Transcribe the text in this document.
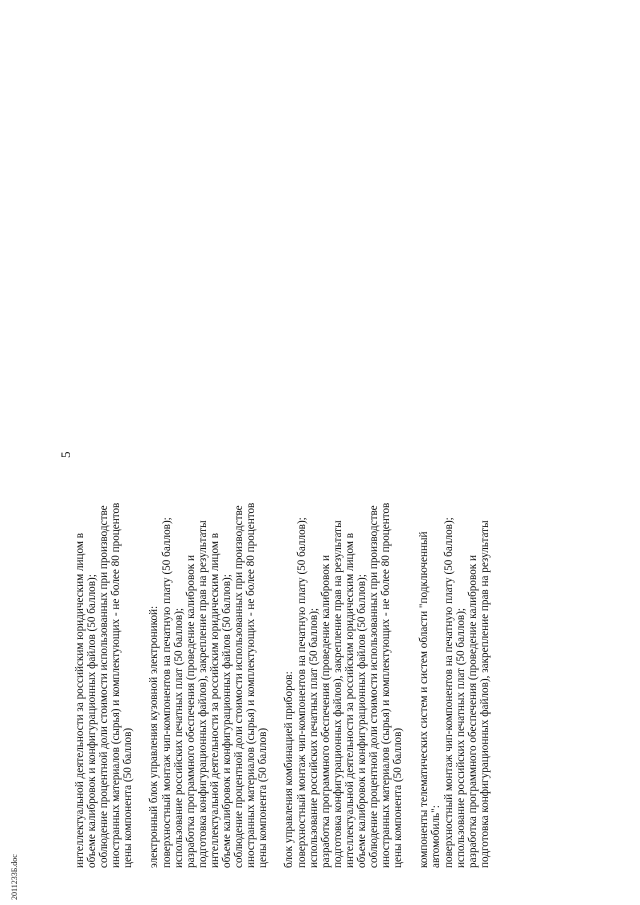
5
интеллектуальной деятельности за российским юридическим лицом в объеме калибровок и конфигурационных файлов (50 баллов); соблюдение процентной доли стоимости использованных при производстве иностранных материалов (сырья) и комплектующих - не более 80 процентов цены компонента (50 баллов) электронный блок управления кузовной электроникой: поверхностный монтаж чип-компонентов на печатную плату (50 баллов); использование российских печатных плат (50 баллов); разработка программного обеспечения (проведение калибровок и подготовка конфигурационных файлов), закрепление прав на результаты интеллектуальной деятельности за российским юридическим лицом в объеме калибровок и конфигурационных файлов (50 баллов); соблюдение процентной доли стоимости использованных при производстве иностранных материалов (сырья) и комплектующих - не более 80 процентов цены компонента (50 баллов) блок управления комбинацией приборов: поверхностный монтаж чип-компонентов на печатную плату (50 баллов); использование российских печатных плат (50 баллов); разработка программного обеспечения (проведение калибровок и подготовка конфигурационных файлов), закрепление прав на результаты интеллектуальной деятельности за российским юридическим лицом в объеме калибровок и конфигурационных файлов (50 баллов); соблюдение процентной доли стоимости использованных при производстве иностранных материалов (сырья) и комплектующих - не более 80 процентов цены компонента (50 баллов) компоненты телематических систем и систем области "подключенный автомобиль": поверхностный монтаж чип-компонентов на печатную плату (50 баллов); использование российских печатных плат (50 баллов); разработка программного обеспечения (проведение калибровок и подготовка конфигурационных файлов), закрепление прав на результаты
2011233Б.doc
